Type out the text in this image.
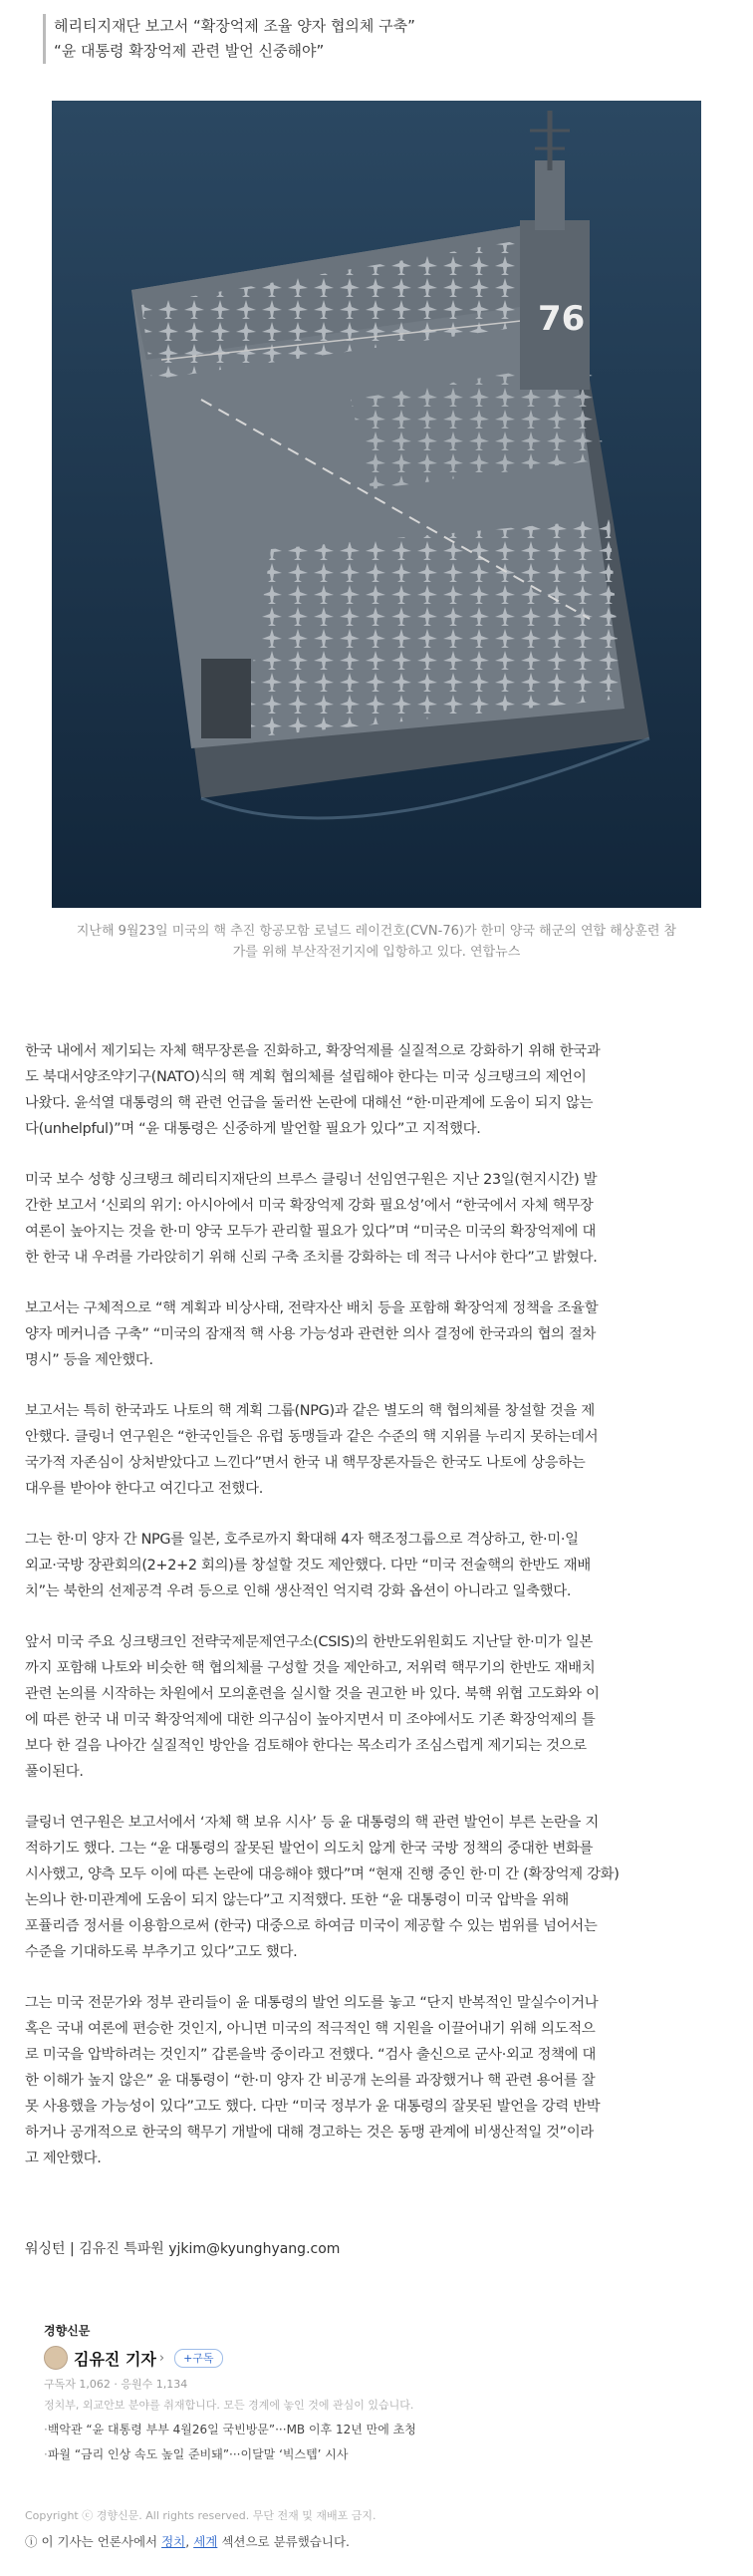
헤리티지재단 보고서 “확장억제 조율 양자 협의체 구축”
“윤 대통령 확장억제 관련 발언 신중해야”
76
지난해 9월23일 미국의 핵 추진 항공모함 로널드 레이건호(CVN-76)가 한미 양국 해군의 연합 해상훈련 참
가를 위해 부산작전기지에 입항하고 있다. 연합뉴스
한국 내에서 제기되는 자체 핵무장론을 진화하고, 확장억제를 실질적으로 강화하기 위해 한국과
도 북대서양조약기구(NATO)식의 핵 계획 협의체를 설립해야 한다는 미국 싱크탱크의 제언이
나왔다. 윤석열 대통령의 핵 관련 언급을 둘러싼 논란에 대해선 “한·미관계에 도움이 되지 않는
다(unhelpful)”며 “윤 대통령은 신중하게 발언할 필요가 있다”고 지적했다.
미국 보수 성향 싱크탱크 헤리티지재단의 브루스 클링너 선임연구원은 지난 23일(현지시간) 발
간한 보고서 ‘신뢰의 위기: 아시아에서 미국 확장억제 강화 필요성’에서 “한국에서 자체 핵무장
여론이 높아지는 것을 한·미 양국 모두가 관리할 필요가 있다”며 “미국은 미국의 확장억제에 대
한 한국 내 우려를 가라앉히기 위해 신뢰 구축 조치를 강화하는 데 적극 나서야 한다”고 밝혔다.
보고서는 구체적으로 “핵 계획과 비상사태, 전략자산 배치 등을 포함해 확장억제 정책을 조율할
양자 메커니즘 구축” “미국의 잠재적 핵 사용 가능성과 관련한 의사 결정에 한국과의 협의 절차
명시” 등을 제안했다.
보고서는 특히 한국과도 나토의 핵 계획 그룹(NPG)과 같은 별도의 핵 협의체를 창설할 것을 제
안했다. 클링너 연구원은 “한국인들은 유럽 동맹들과 같은 수준의 핵 지위를 누리지 못하는데서
국가적 자존심이 상처받았다고 느낀다”면서 한국 내 핵무장론자들은 한국도 나토에 상응하는
대우를 받아야 한다고 여긴다고 전했다.
그는 한·미 양자 간 NPG를 일본, 호주로까지 확대해 4자 핵조정그룹으로 격상하고, 한·미·일
외교·국방 장관회의(2+2+2 회의)를 창설할 것도 제안했다. 다만 “미국 전술핵의 한반도 재배
치”는 북한의 선제공격 우려 등으로 인해 생산적인 억지력 강화 옵션이 아니라고 일축했다.
앞서 미국 주요 싱크탱크인 전략국제문제연구소(CSIS)의 한반도위원회도 지난달 한·미가 일본
까지 포함해 나토와 비슷한 핵 협의체를 구성할 것을 제안하고, 저위력 핵무기의 한반도 재배치
관련 논의를 시작하는 차원에서 모의훈련을 실시할 것을 권고한 바 있다. 북핵 위협 고도화와 이
에 따른 한국 내 미국 확장억제에 대한 의구심이 높아지면서 미 조야에서도 기존 확장억제의 틀
보다 한 걸음 나아간 실질적인 방안을 검토해야 한다는 목소리가 조심스럽게 제기되는 것으로
풀이된다.
클링너 연구원은 보고서에서 ‘자체 핵 보유 시사’ 등 윤 대통령의 핵 관련 발언이 부른 논란을 지
적하기도 했다. 그는 “윤 대통령의 잘못된 발언이 의도치 않게 한국 국방 정책의 중대한 변화를
시사했고, 양측 모두 이에 따른 논란에 대응해야 했다”며 “현재 진행 중인 한·미 간 (확장억제 강화)
논의나 한·미관계에 도움이 되지 않는다”고 지적했다. 또한 “윤 대통령이 미국 압박을 위해
포퓰리즘 정서를 이용함으로써 (한국) 대중으로 하여금 미국이 제공할 수 있는 범위를 넘어서는
수준을 기대하도록 부추기고 있다”고도 했다.
그는 미국 전문가와 정부 관리들이 윤 대통령의 발언 의도를 놓고 “단지 반복적인 말실수이거나
혹은 국내 여론에 편승한 것인지, 아니면 미국의 적극적인 핵 지원을 이끌어내기 위해 의도적으
로 미국을 압박하려는 것인지” 갑론을박 중이라고 전했다. “검사 출신으로 군사·외교 정책에 대
한 이해가 높지 않은” 윤 대통령이 “한·미 양자 간 비공개 논의를 과장했거나 핵 관련 용어를 잘
못 사용했을 가능성이 있다”고도 했다. 다만 “미국 정부가 윤 대통령의 잘못된 발언을 강력 반박
하거나 공개적으로 한국의 핵무기 개발에 대해 경고하는 것은 동맹 관계에 비생산적일 것”이라
고 제안했다.
워싱턴 | 김유진 특파원 yjkim@kyunghyang.com
경향신문
김유진 기자 ›	+구독
구독자 1,062 · 응원수 1,134
정치부, 외교안보 분야를 취재합니다. 모든 경계에 놓인 것에 관심이 있습니다.
· 백악관 “윤 대통령 부부 4월26일 국빈방문”···MB 이후 12년 만에 초청
· 파월 “금리 인상 속도 높일 준비돼”···이달말 ‘빅스텝’ 시사
Copyright ⓒ 경향신문. All rights reserved. 무단 전재 및 재배포 금지.
ⓘ 이 기사는 언론사에서 정치, 세계 섹션으로 분류했습니다.
